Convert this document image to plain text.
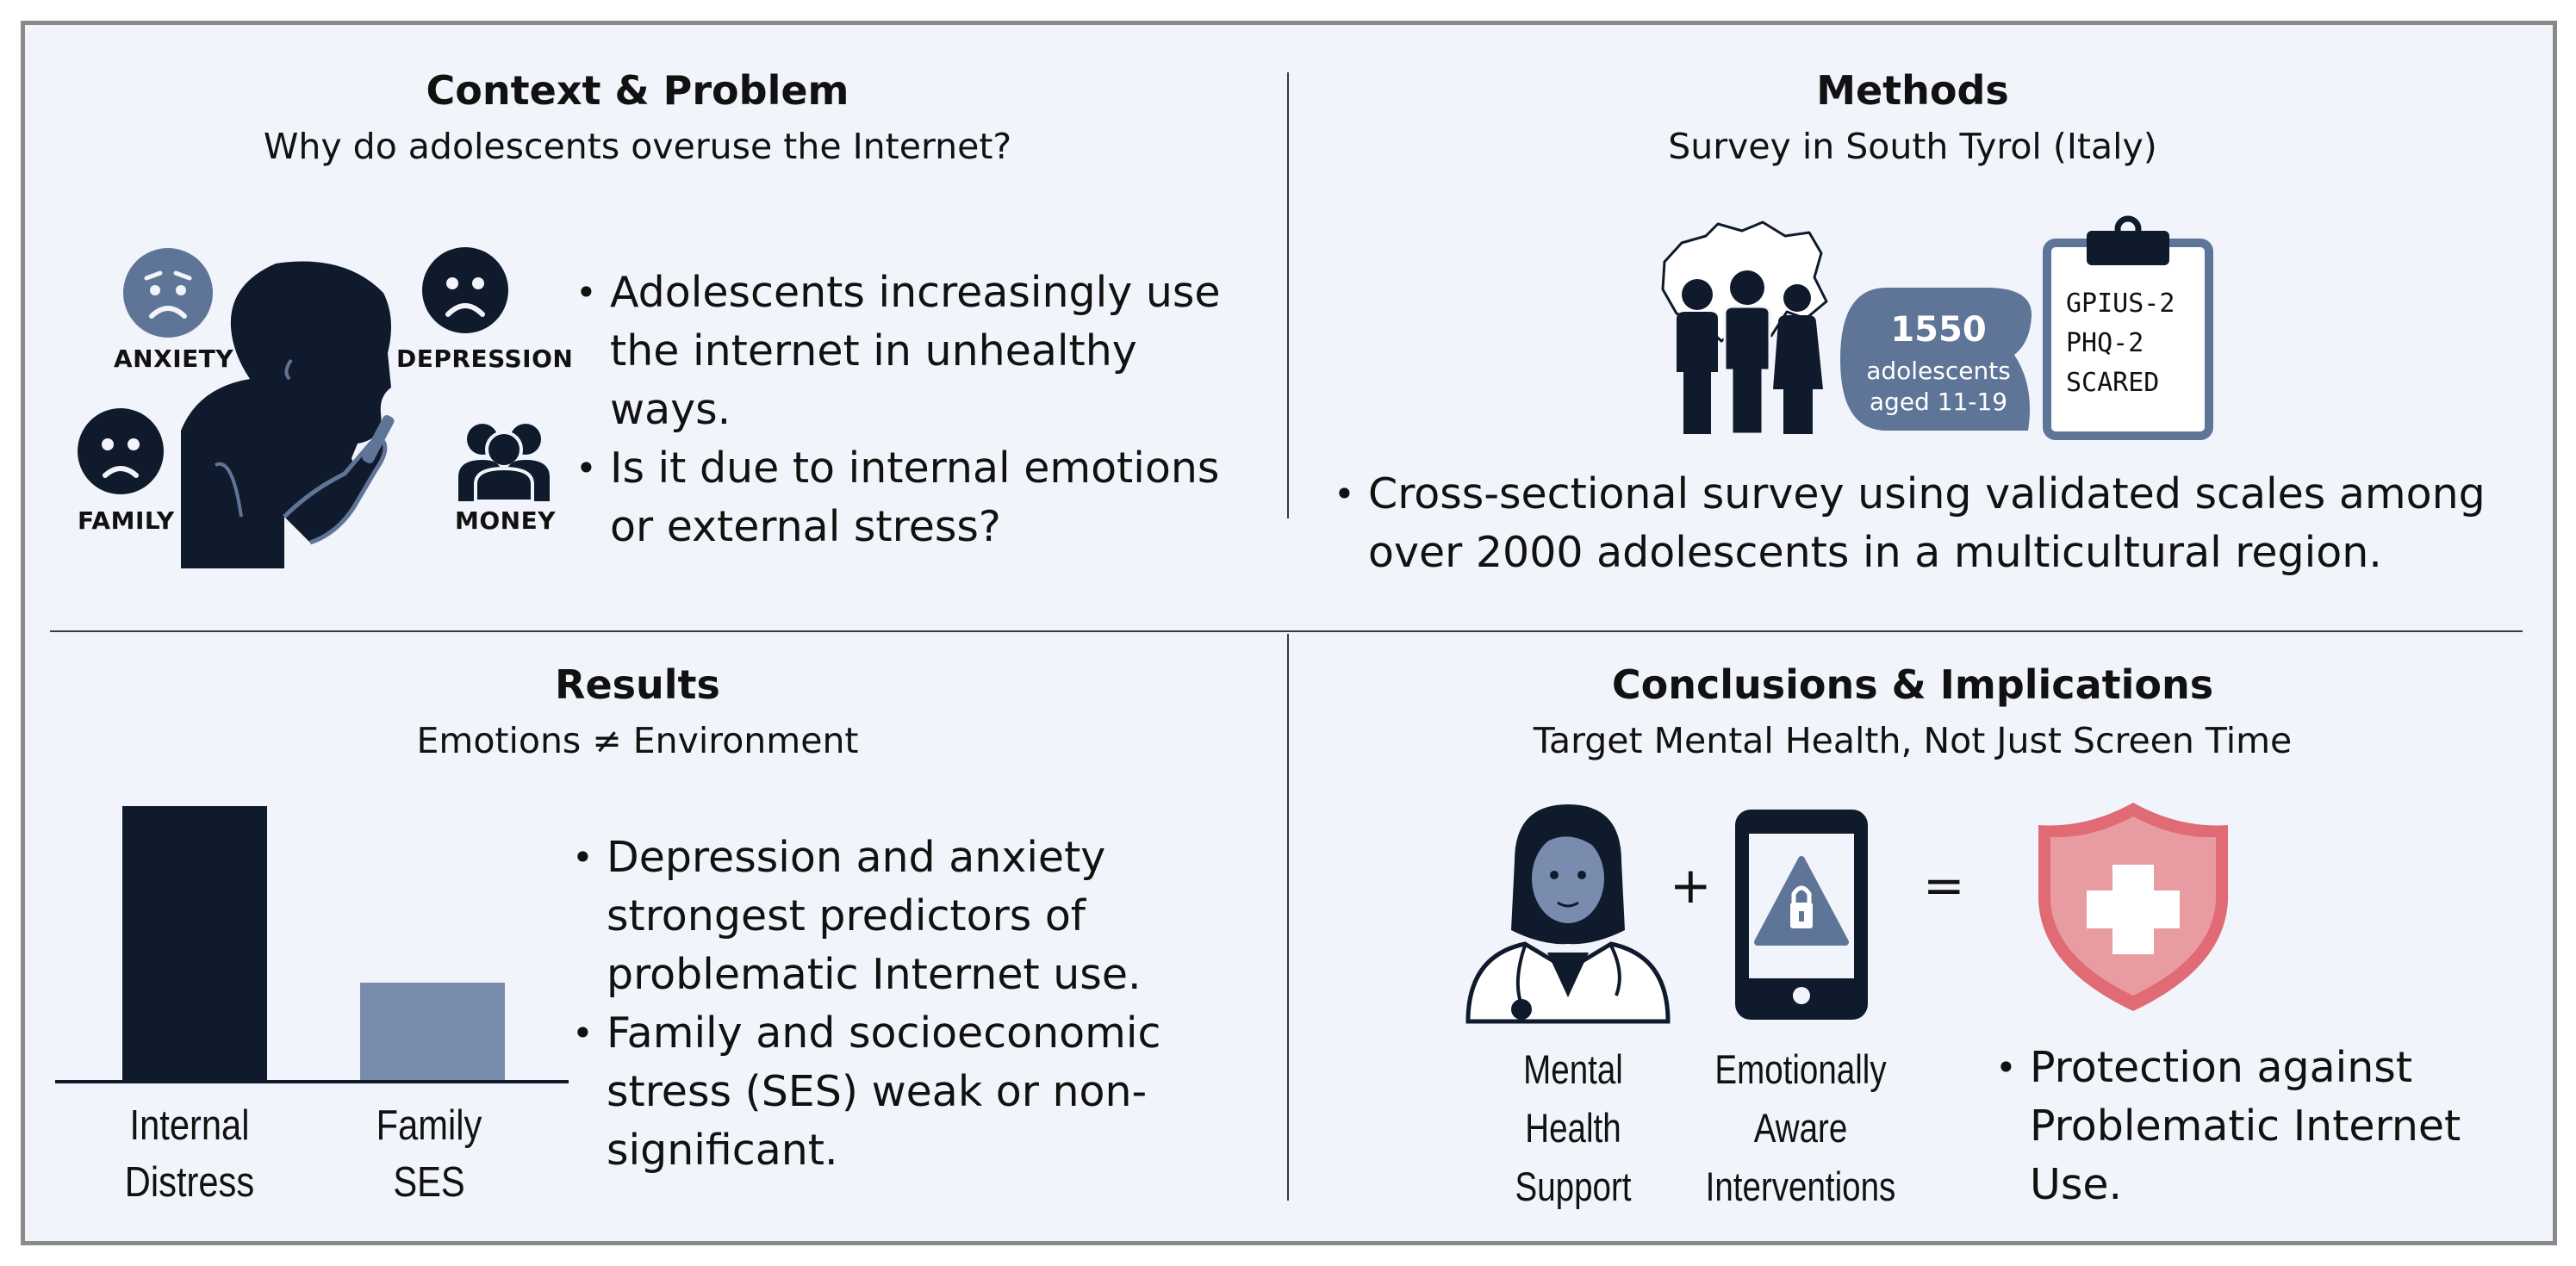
Context & Problem
Why do adolescents overuse the Internet?
ANXIETY	DEPRESSION
FAMILY	MONEY
• Adolescents increasingly use the internet in unhealthy ways.
• Is it due to internal emotions or external stress?
Methods
Survey in South Tyrol (Italy)
1550
adolescents
aged 11-19
GPIUS-2
PHQ-2
SCARED
• Cross-sectional survey using validated scales among over 2000 adolescents in a multicultural region.
Results
Emotions ≠ Environment
Internal
Distress
Family
SES
• Depression and anxiety strongest predictors of problematic Internet use.
• Family and socioeconomic stress (SES) weak or non-significant.
Conclusions & Implications
Target Mental Health, Not Just Screen Time
+	=
Mental
Health
Support
Emotionally
Aware
Interventions
• Protection against Problematic Internet Use.
